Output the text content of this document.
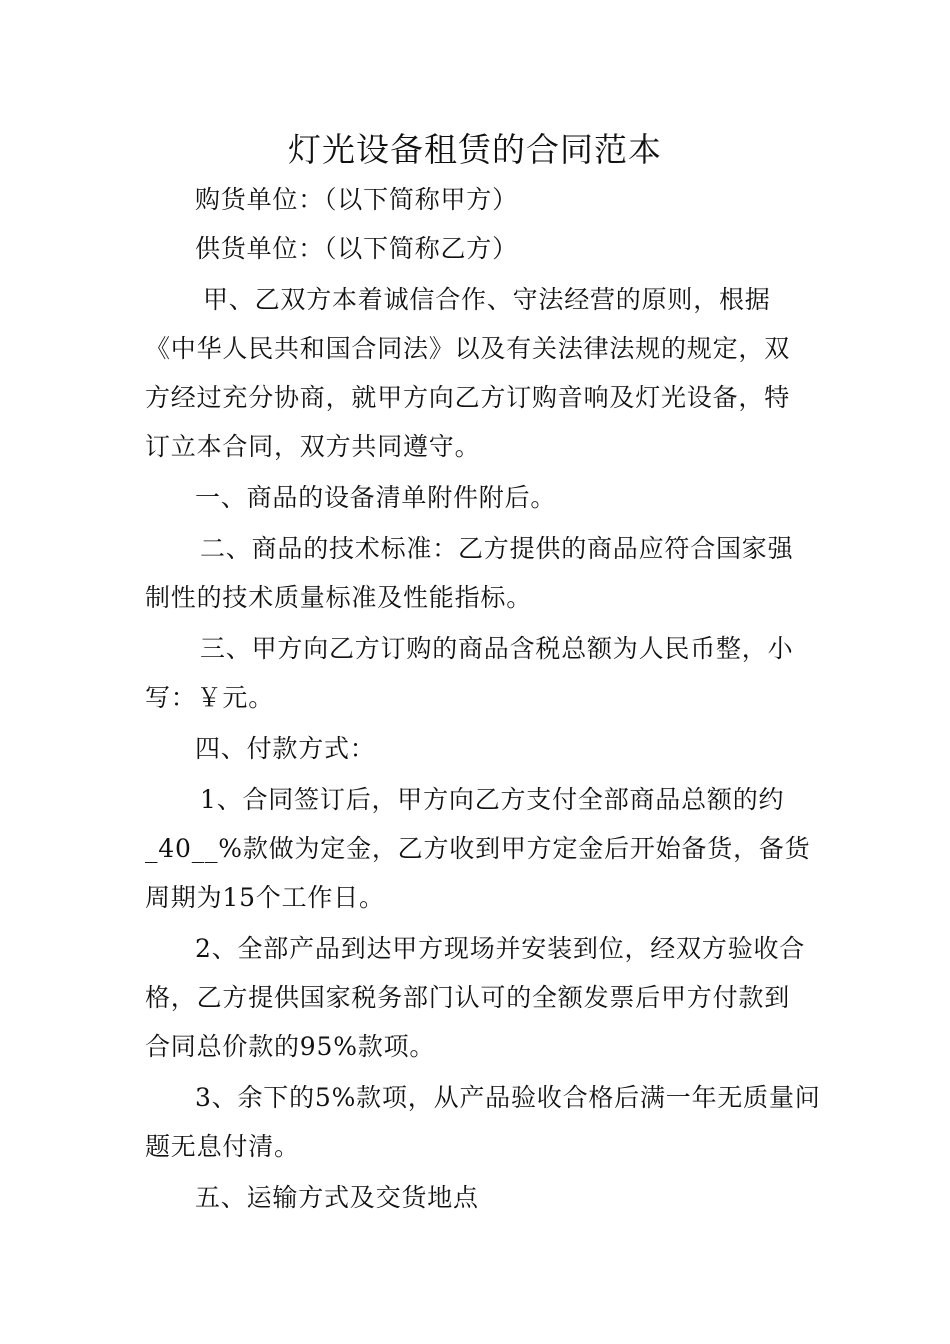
灯光设备租赁的合同范本
购货单位：（以下简称甲方）
供货单位：（以下简称乙方）
甲、乙双方本着诚信合作、守法经营的原则，根据
《中华人民共和国合同法》以及有关法律法规的规定，双
方经过充分协商，就甲方向乙方订购音响及灯光设备，特
订立本合同，双方共同遵守。
一、商品的设备清单附件附后。
二、商品的技术标准：乙方提供的商品应符合国家强
制性的技术质量标准及性能指标。
三、甲方向乙方订购的商品含税总额为人民币整，小
写：￥元。
四、付款方式：
1、合同签订后，甲方向乙方支付全部商品总额的约
_40__%款做为定金，乙方收到甲方定金后开始备货，备货
周期为15个工作日。
2、全部产品到达甲方现场并安装到位，经双方验收合
格，乙方提供国家税务部门认可的全额发票后甲方付款到
合同总价款的95%款项。
3、余下的5%款项，从产品验收合格后满一年无质量问
题无息付清。
五、运输方式及交货地点
